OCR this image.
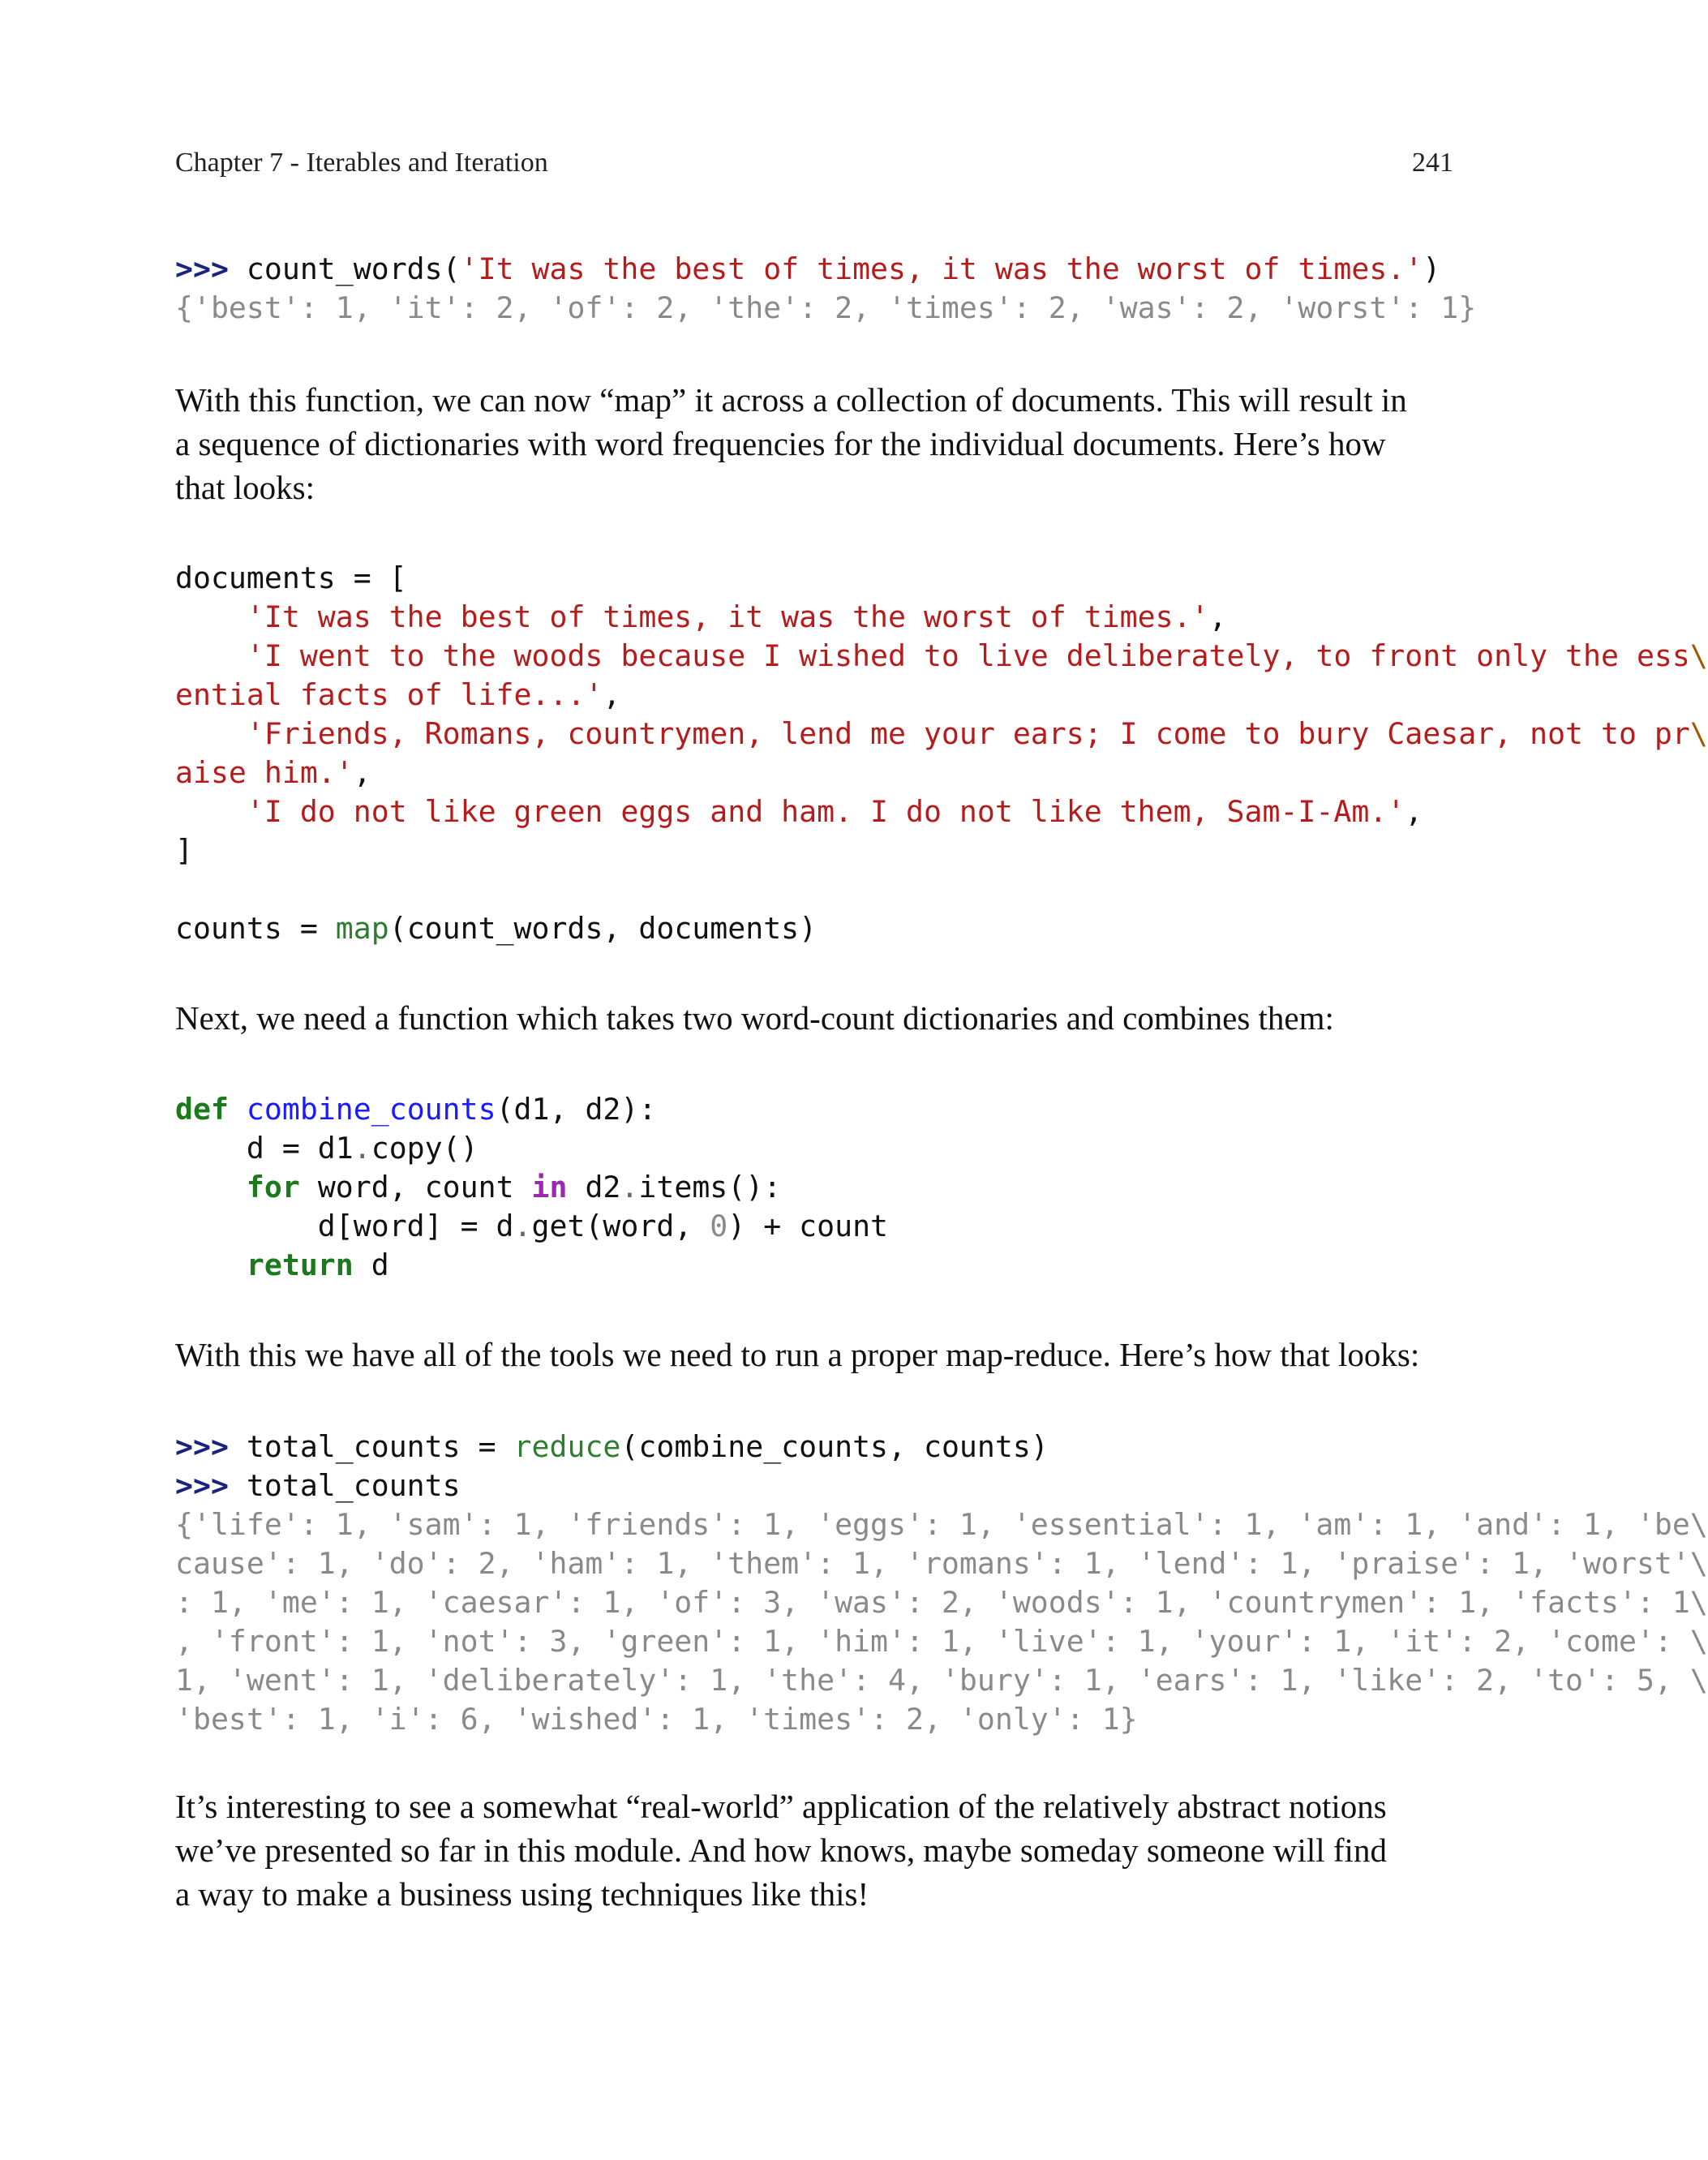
Chapter 7 - Iterables and Iteration	241
>>> count_words('It was the best of times, it was the worst of times.')
{'best': 1, 'it': 2, 'of': 2, 'the': 2, 'times': 2, 'was': 2, 'worst': 1}
With this function, we can now “map” it across a collection of documents. This will result in
a sequence of dictionaries with word frequencies for the individual documents. Here’s how
that looks:
documents = [
'It was the best of times, it was the worst of times.',
'I went to the woods because I wished to live deliberately, to front only the ess\
ential facts of life...',
'Friends, Romans, countrymen, lend me your ears; I come to bury Caesar, not to pr\
aise him.',
'I do not like green eggs and ham. I do not like them, Sam-I-Am.',
]
counts = map(count_words, documents)
Next, we need a function which takes two word-count dictionaries and combines them:
def combine_counts(d1, d2):
d = d1.copy()
for word, count in d2.items():
d[word] = d.get(word, 0) + count
return d
With this we have all of the tools we need to run a proper map-reduce. Here’s how that looks:
>>> total_counts = reduce(combine_counts, counts)
>>> total_counts
{'life': 1, 'sam': 1, 'friends': 1, 'eggs': 1, 'essential': 1, 'am': 1, 'and': 1, 'be\
cause': 1, 'do': 2, 'ham': 1, 'them': 1, 'romans': 1, 'lend': 1, 'praise': 1, 'worst'\
: 1, 'me': 1, 'caesar': 1, 'of': 3, 'was': 2, 'woods': 1, 'countrymen': 1, 'facts': 1\
, 'front': 1, 'not': 3, 'green': 1, 'him': 1, 'live': 1, 'your': 1, 'it': 2, 'come': \
1, 'went': 1, 'deliberately': 1, 'the': 4, 'bury': 1, 'ears': 1, 'like': 2, 'to': 5, \
'best': 1, 'i': 6, 'wished': 1, 'times': 2, 'only': 1}
It’s interesting to see a somewhat “real-world” application of the relatively abstract notions
we’ve presented so far in this module. And how knows, maybe someday someone will find
a way to make a business using techniques like this!
